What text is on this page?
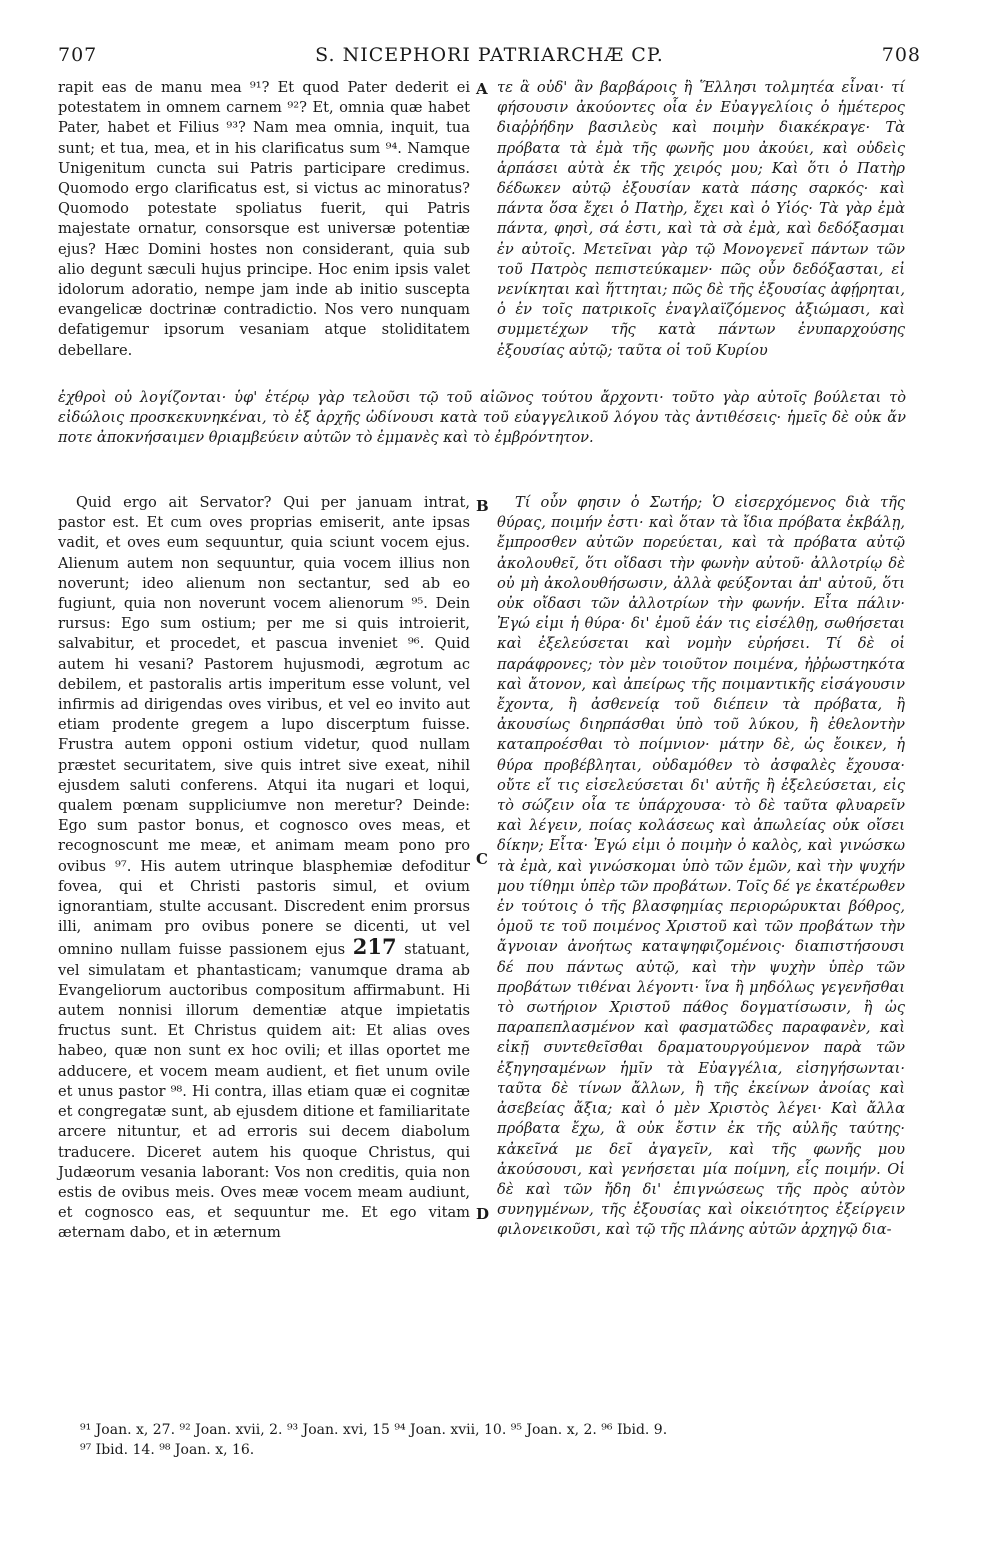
707	S. NICEPHORI PATRIARCHÆ CP.	708

rapit eas de manu mea ⁹¹? Et quod Pater dederit ei potestatem in omnem carnem ⁹²? Et, omnia quæ habet Pater, habet et Filius ⁹³? Nam mea omnia, inquit, tua sunt; et tua, mea, et in his clarificatus sum ⁹⁴. Namque Unigenitum cuncta sui Patris participare credimus. Quomodo ergo clarificatus est, si victus ac minoratus? Quomodo potestate spoliatus fuerit, qui Patris majestate ornatur, consorsque est universæ potentiæ ejus? Hæc Domini hostes non considerant, quia sub alio degunt sæculi hujus principe. Hoc enim ipsis valet idolorum adoratio, nempe jam inde ab initio suscepta evangelicæ doctrinæ contradictio. Nos vero nunquam defatigemur ipsorum vesaniam atque stoliditatem debellare.

A τε ἃ οὐδ' ἂν βαρβάροις ἢ Ἕλλησι τολμητέα εἶναι· τί φήσουσιν ἀκούοντες οἷα ἐν Εὐαγγελίοις ὁ ἡμέτερος διαῤῥήδην βασιλεὺς καὶ ποιμὴν διακέκραγε· Τὰ πρόβατα τὰ ἐμὰ τῆς φωνῆς μου ἀκούει, καὶ οὐδεὶς ἁρπάσει αὐτὰ ἐκ τῆς χειρός μου; Καὶ ὅτι ὁ Πατὴρ δέδωκεν αὐτῷ ἐξουσίαν κατὰ πάσης σαρκός· καὶ πάντα ὅσα ἔχει ὁ Πατὴρ, ἔχει καὶ ὁ Υἱός· Τὰ γὰρ ἐμὰ πάντα, φησὶ, σά ἐστι, καὶ τὰ σὰ ἐμὰ, καὶ δεδόξασμαι ἐν αὐτοῖς. Μετεῖναι γὰρ τῷ Μονογενεῖ πάντων τῶν τοῦ Πατρὸς πεπιστεύκαμεν· πῶς οὖν δεδόξασται, εἰ νενίκηται καὶ ἥττηται; πῶς δὲ τῆς ἐξουσίας ἀφῄρηται, ὁ ἐν τοῖς πατρικοῖς ἐναγλαϊζόμενος ἀξιώμασι, καὶ συμμετέχων τῆς κατὰ πάντων ἐνυπαρχούσης ἐξουσίας αὐτῷ; ταῦτα οἱ τοῦ Κυρίου

ἐχθροὶ οὐ λογίζονται· ὑφ' ἑτέρῳ γὰρ τελοῦσι τῷ τοῦ αἰῶνος τούτου ἄρχοντι· τοῦτο γὰρ αὐτοῖς βούλεται τὸ εἰδώλοις προσκεκυνηκέναι, τὸ ἐξ ἀρχῆς ὠδίνουσι κατὰ τοῦ εὐαγγελικοῦ λόγου τὰς ἀντιθέσεις· ἡμεῖς δὲ οὐκ ἄν ποτε ἀποκνήσαιμεν θριαμβεύειν αὐτῶν τὸ ἐμμανὲς καὶ τὸ ἐμβρόντητον.

Quid ergo ait Servator? Qui per januam intrat, pastor est. Et cum oves proprias emiserit, ante ipsas vadit, et oves eum sequuntur, quia sciunt vocem ejus. Alienum autem non sequuntur, quia vocem illius non noverunt; ideo alienum non sectantur, sed ab eo fugiunt, quia non noverunt vocem alienorum ⁹⁵. Dein rursus: Ego sum ostium; per me si quis introierit, salvabitur, et procedet, et pascua inveniet ⁹⁶. Quid autem hi vesani? Pastorem hujusmodi, ægrotum ac debilem, et pastoralis artis imperitum esse volunt, vel infirmis ad dirigendas oves viribus, et vel eo invito aut etiam prodente gregem a lupo discerptum fuisse. Frustra autem opponi ostium videtur, quod nullam præstet securitatem, sive quis intret sive exeat, nihil ejusdem saluti conferens. Atqui ita nugari et loqui, qualem pœnam suppliciumve non meretur? Deinde: Ego sum pastor bonus, et cognosco oves meas, et recognoscunt me meæ, et animam meam pono pro ovibus ⁹⁷. His autem utrinque blasphemiæ defoditur fovea, qui et Christi pastoris simul, et ovium ignorantiam, stulte accusant. Discredent enim prorsus illi, animam pro ovibus ponere se dicenti, ut vel omnino nullam fuisse passionem ejus 217 statuant, vel simulatam et phantasticam; vanumque drama ab Evangeliorum auctoribus compositum affirmabunt. Hi autem nonnisi illorum dementiæ atque impietatis fructus sunt. Et Christus quidem ait: Et alias oves habeo, quæ non sunt ex hoc ovili; et illas oportet me adducere, et vocem meam audient, et fiet unum ovile et unus pastor ⁹⁸. Hi contra, illas etiam quæ ei cognitæ et congregatæ sunt, ab ejusdem ditione et familiaritate arcere nituntur, et ad erroris sui decem diabolum traducere. Diceret autem his quoque Christus, qui Judæorum vesania laborant: Vos non creditis, quia non estis de ovibus meis. Oves meæ vocem meam audiunt, et cognosco eas, et sequuntur me. Et ego vitam æternam dabo, et in æternum

B
C
D

Τί οὖν φησιν ὁ Σωτήρ; Ὁ εἰσερχόμενος διὰ τῆς θύρας, ποιμήν ἐστι· καὶ ὅταν τὰ ἴδια πρόβατα ἐκβάλῃ, ἔμπροσθεν αὐτῶν πορεύεται, καὶ τὰ πρόβατα αὐτῷ ἀκολουθεῖ, ὅτι οἴδασι τὴν φωνὴν αὐτοῦ· ἀλλοτρίῳ δὲ οὐ μὴ ἀκολουθήσωσιν, ἀλλὰ φεύξονται ἀπ' αὐτοῦ, ὅτι οὐκ οἴδασι τῶν ἀλλοτρίων τὴν φωνήν. Εἶτα πάλιν· Ἐγώ εἰμι ἡ θύρα· δι' ἐμοῦ ἐάν τις εἰσέλθῃ, σωθήσεται καὶ ἐξελεύσεται καὶ νομὴν εὑρήσει. Τί δὲ οἱ παράφρονες; τὸν μὲν τοιοῦτον ποιμένα, ἠῤῥωστηκότα καὶ ἄτονον, καὶ ἀπείρως τῆς ποιμαντικῆς εἰσάγουσιν ἔχοντα, ἢ ἀσθενείᾳ τοῦ διέπειν τὰ πρόβατα, ἢ ἀκουσίως διηρπάσθαι ὑπὸ τοῦ λύκου, ἢ ἐθελοντὴν καταπροέσθαι τὸ ποίμνιον· μάτην δὲ, ὡς ἔοικεν, ἡ θύρα προβέβληται, οὐδαμόθεν τὸ ἀσφαλὲς ἔχουσα· οὔτε εἴ τις εἰσελεύσεται δι' αὐτῆς ἢ ἐξελεύσεται, εἰς τὸ σώζειν οἷα τε ὑπάρχουσα· τὸ δὲ ταῦτα φλυαρεῖν καὶ λέγειν, ποίας κολάσεως καὶ ἀπωλείας οὐκ οἴσει δίκην; Εἶτα· Ἐγώ εἰμι ὁ ποιμὴν ὁ καλὸς, καὶ γινώσκω τὰ ἐμὰ, καὶ γινώσκομαι ὑπὸ τῶν ἐμῶν, καὶ τὴν ψυχήν μου τίθημι ὑπὲρ τῶν προβάτων. Τοῖς δέ γε ἑκατέρωθεν ἐν τούτοις ὁ τῆς βλασφημίας περιορώρυκται βόθρος, ὁμοῦ τε τοῦ ποιμένος Χριστοῦ καὶ τῶν προβάτων τὴν ἄγνοιαν ἀνοήτως καταψηφιζομένοις· διαπιστήσουσι δέ που πάντως αὐτῷ, καὶ τὴν ψυχὴν ὑπὲρ τῶν προβάτων τιθέναι λέγοντι· ἵνα ἢ μηδόλως γεγενῆσθαι τὸ σωτήριον Χριστοῦ πάθος δογματίσωσιν, ἢ ὡς παραπεπλασμένον καὶ φασματῶδες παραφανὲν, καὶ εἰκῇ συντεθεῖσθαι δραματουργούμενον παρὰ τῶν ἐξηγησαμένων ἡμῖν τὰ Εὐαγγέλια, εἰσηγήσωνται· ταῦτα δὲ τίνων ἄλλων, ἢ τῆς ἐκείνων ἀνοίας καὶ ἀσεβείας ἄξια; καὶ ὁ μὲν Χριστὸς λέγει· Καὶ ἄλλα πρόβατα ἔχω, ἃ οὐκ ἔστιν ἐκ τῆς αὐλῆς ταύτης· κἀκεῖνά με δεῖ ἀγαγεῖν, καὶ τῆς φωνῆς μου ἀκούσουσι, καὶ γενήσεται μία ποίμνη, εἷς ποιμήν. Οἱ δὲ καὶ τῶν ἤδη δι' ἐπιγνώσεως τῆς πρὸς αὐτὸν συνηγμένων, τῆς ἐξουσίας καὶ οἰκειότητος ἐξείργειν φιλονεικοῦσι, καὶ τῷ τῆς πλάνης αὐτῶν ἀρχηγῷ δια-

⁹¹ Joan. x, 27. ⁹² Joan. xvii, 2. ⁹³ Joan. xvi, 15 ⁹⁴ Joan. xvii, 10. ⁹⁵ Joan. x, 2. ⁹⁶ Ibid. 9.
⁹⁷ Ibid. 14. ⁹⁸ Joan. x, 16.
